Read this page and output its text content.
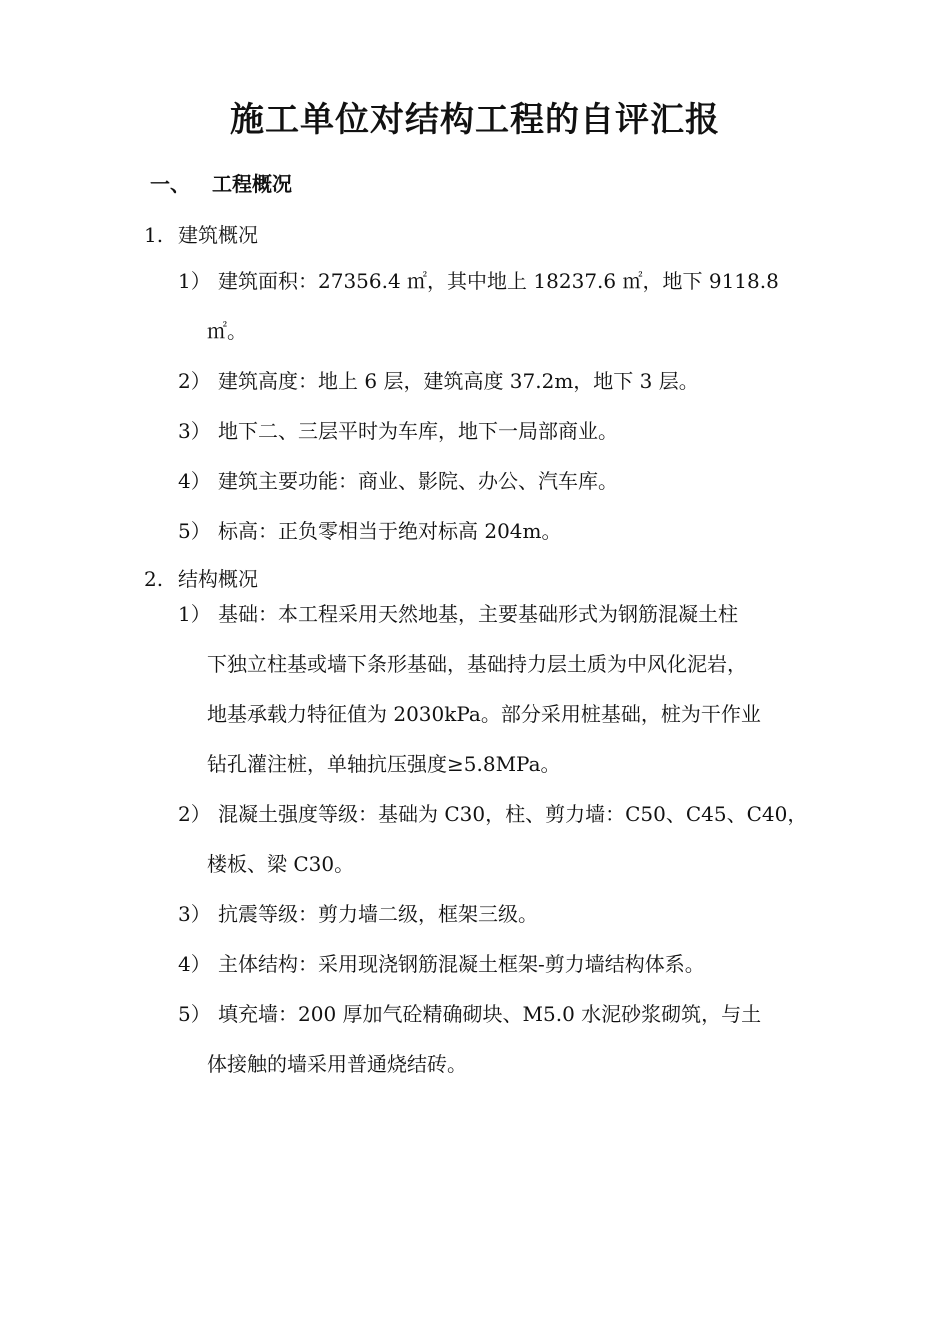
施工单位对结构工程的自评汇报
一、 工程概况
1. 建筑概况
1） 建筑面积：27356.4 ㎡，其中地上 18237.6 ㎡，地下 9118.8
㎡。
2） 建筑高度：地上 6 层，建筑高度 37.2m，地下 3 层。
3） 地下二、三层平时为车库，地下一局部商业。
4） 建筑主要功能：商业、影院、办公、汽车库。
5） 标高：正负零相当于绝对标高 204m。
2. 结构概况
1） 基础：本工程采用天然地基，主要基础形式为钢筋混凝土柱
下独立柱基或墙下条形基础，基础持力层土质为中风化泥岩，
地基承载力特征值为 2030kPa。部分采用桩基础，桩为干作业
钻孔灌注桩，单轴抗压强度≥5.8MPa。
2） 混凝土强度等级：基础为 C30，柱、剪力墙：C50、C45、C40，
楼板、梁 C30。
3） 抗震等级：剪力墙二级，框架三级。
4） 主体结构：采用现浇钢筋混凝土框架-剪力墙结构体系。
5） 填充墙：200 厚加气砼精确砌块、M5.0 水泥砂浆砌筑，与土
体接触的墙采用普通烧结砖。
